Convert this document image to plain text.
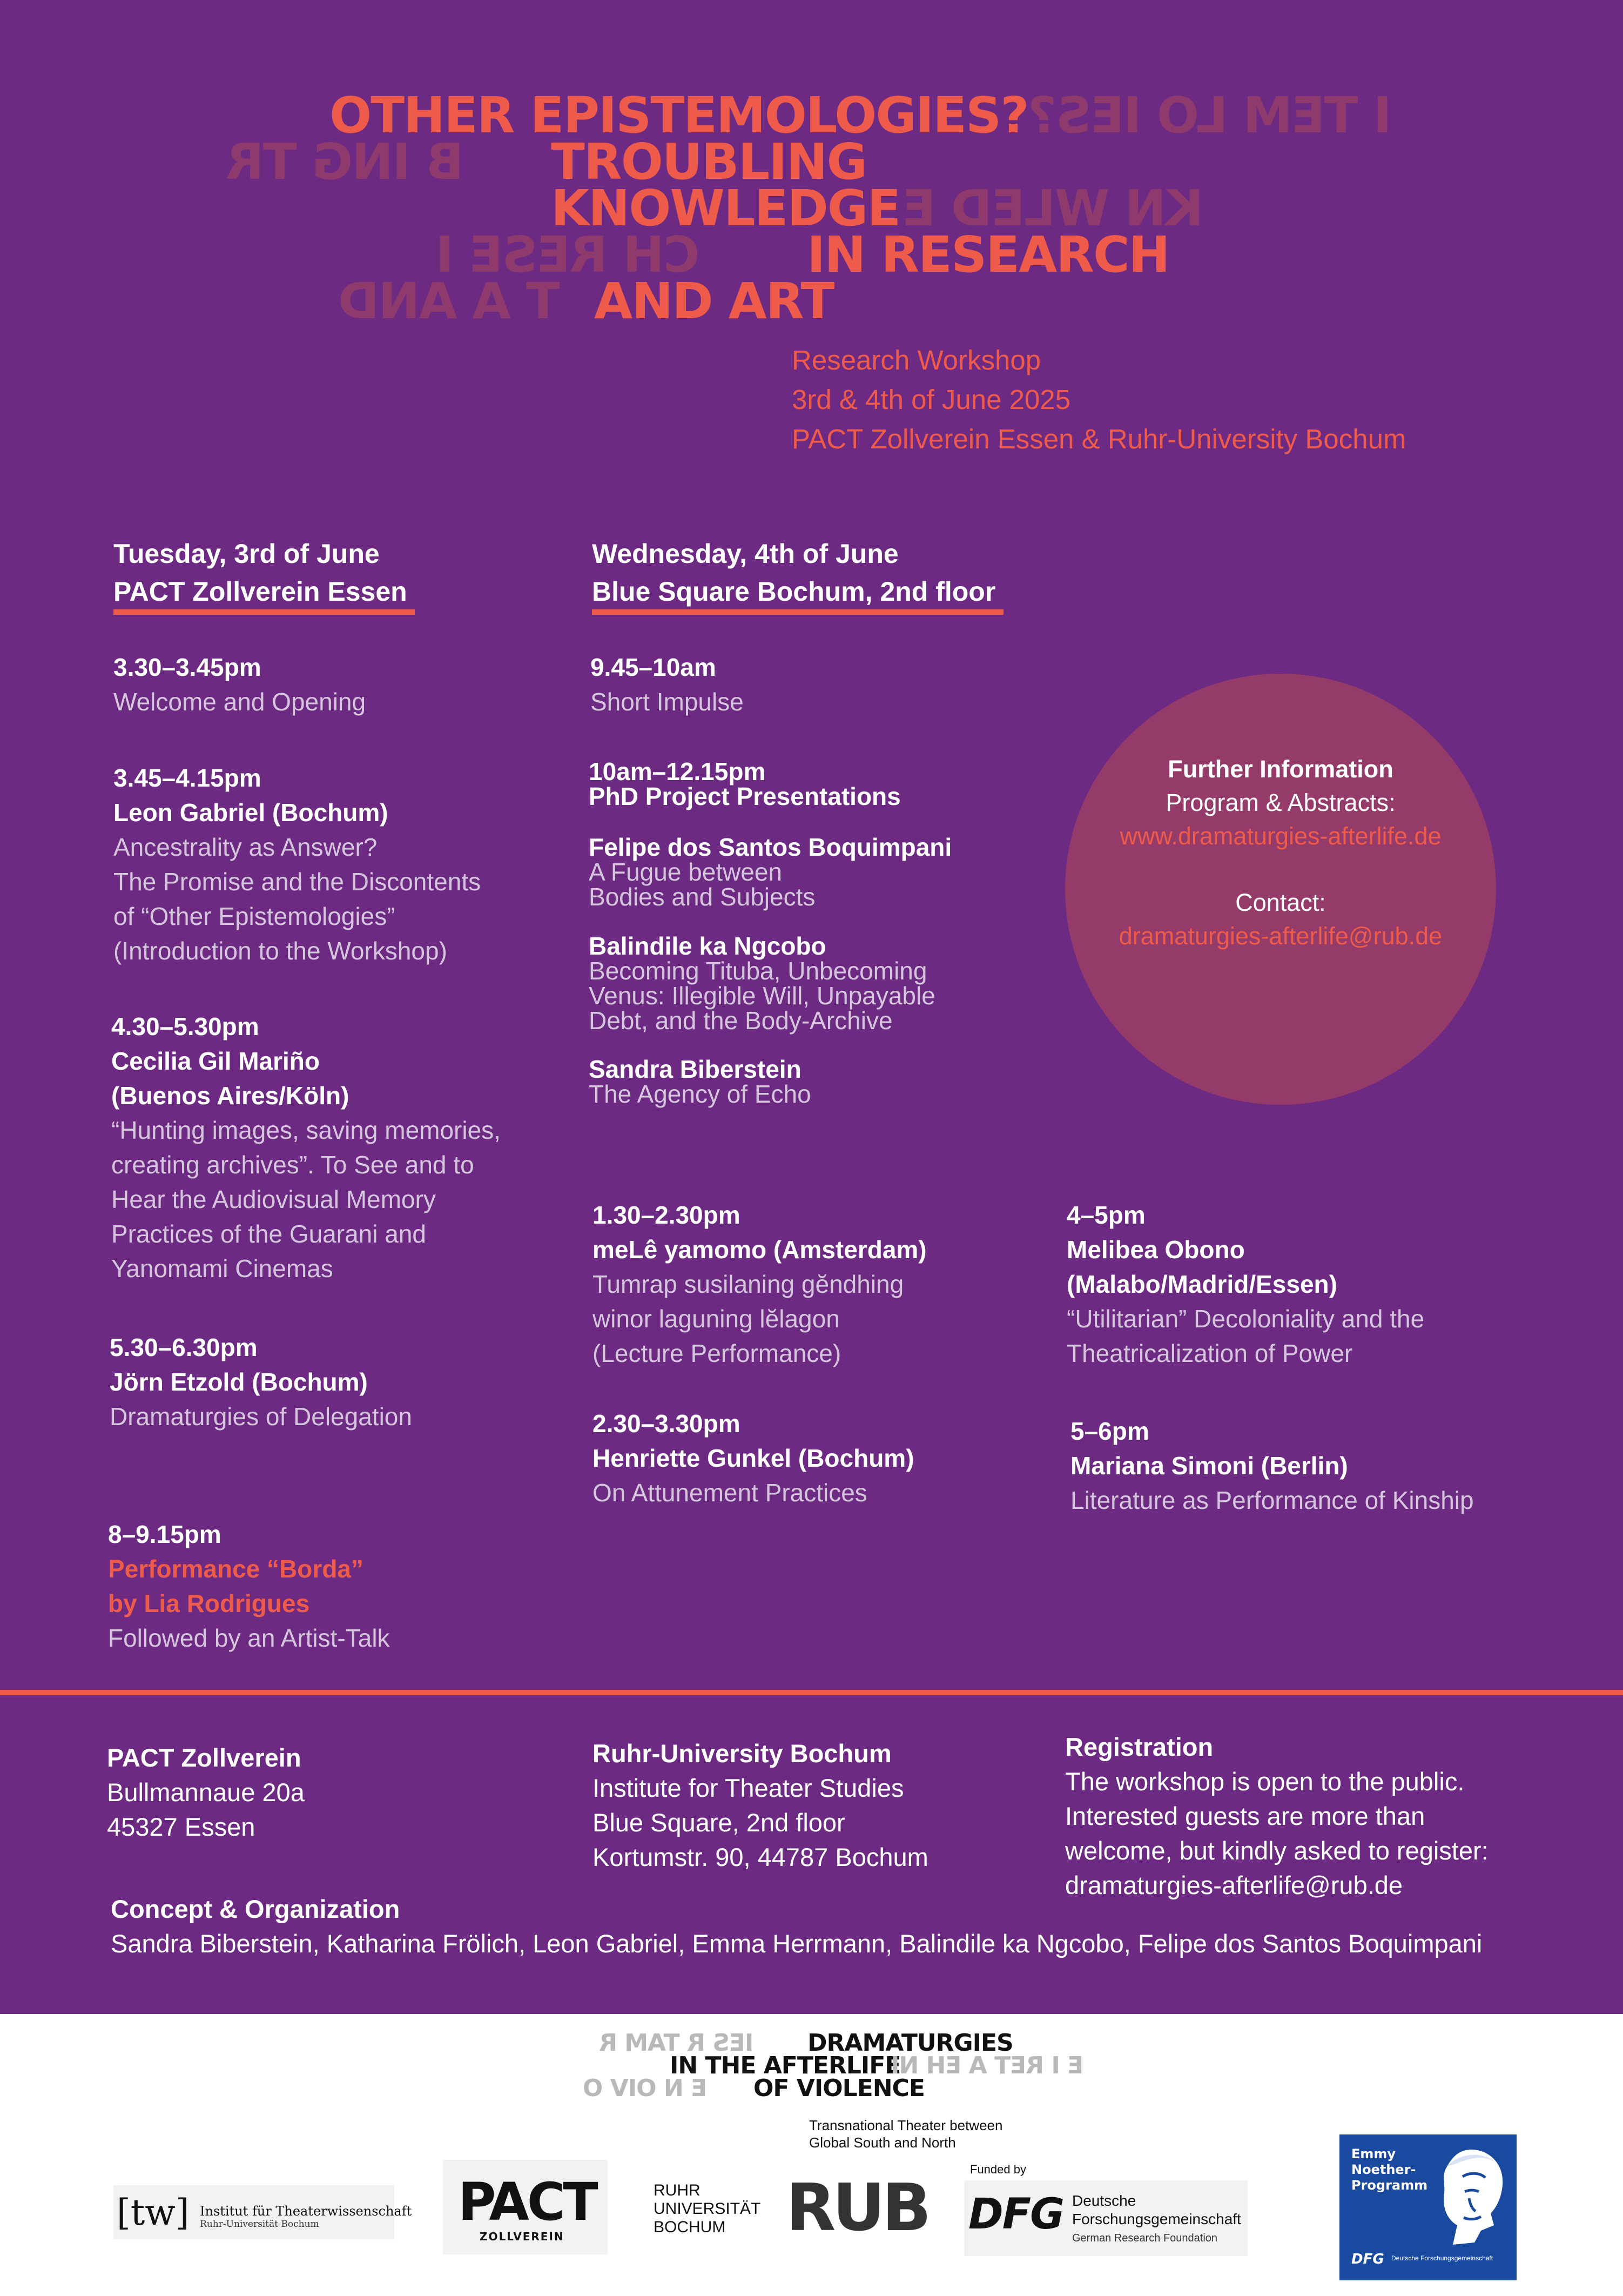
OTHER EPISTEMOLOGIES? I TEM LO IES?
B ING TR TROUBLING
KNOWLEDGE KN WLED E
CH RESE I IN RESEARCH
T A AND AND ART
Research Workshop
3rd & 4th of June 2025
PACT Zollverein Essen & Ruhr-University Bochum
Tuesday, 3rd of June
PACT Zollverein Essen
Wednesday, 4th of June
Blue Square Bochum, 2nd floor
3.30–3.45pm
Welcome and Opening
3.45–4.15pm
Leon Gabriel (Bochum)
Ancestrality as Answer?
The Promise and the Discontents
of “Other Epistemologies”
(Introduction to the Workshop)
4.30–5.30pm
Cecilia Gil Mariño
(Buenos Aires/Köln)
“Hunting images, saving memories,
creating archives”. To See and to
Hear the Audiovisual Memory
Practices of the Guarani and
Yanomami Cinemas
5.30–6.30pm
Jörn Etzold (Bochum)
Dramaturgies of Delegation
8–9.15pm
Performance “Borda”
by Lia Rodrigues
Followed by an Artist-Talk
9.45–10am
Short Impulse
10am–12.15pm
PhD Project Presentations
Felipe dos Santos Boquimpani
A Fugue between
Bodies and Subjects
Balindile ka Ngcobo
Becoming Tituba, Unbecoming
Venus: Illegible Will, Unpayable
Debt, and the Body-Archive
Sandra Biberstein
The Agency of Echo
Further Information
Program & Abstracts:
www.dramaturgies-afterlife.de
Contact:
dramaturgies-afterlife@rub.de
1.30–2.30pm
meLê yamomo (Amsterdam)
Tumrap susilaning gĕndhing
winor laguning lĕlagon
(Lecture Performance)
2.30–3.30pm
Henriette Gunkel (Bochum)
On Attunement Practices
4–5pm
Melibea Obono
(Malabo/Madrid/Essen)
“Utilitarian” Decoloniality and the
Theatricalization of Power
5–6pm
Mariana Simoni (Berlin)
Literature as Performance of Kinship
PACT Zollverein
Bullmannaue 20a
45327 Essen
Ruhr-University Bochum
Institute for Theater Studies
Blue Square, 2nd floor
Kortumstr. 90, 44787 Bochum
Registration
The workshop is open to the public.
Interested guests are more than
welcome, but kindly asked to register:
dramaturgies-afterlife@rub.de
Concept & Organization
Sandra Biberstein, Katharina Frölich, Leon Gabriel, Emma Herrmann, Balindile ka Ngcobo, Felipe dos Santos Boquimpani
IES R TAM R DRAMATURGIES
IN THE AFTERLIFE
E I RET A EH NI
E N OIV O OF VIOLENCE
Transnational Theater between
Global South and North
[tw] Institut für Theaterwissenschaft
Ruhr-Universität Bochum	PACT
ZOLLVEREIN
RUHR
UNIVERSITÄT
BOCHUM RUB
Funded by
DFG Deutsche
Forschungsgemeinschaft
German Research Foundation
Emmy
Noether-
Programm
DFG Deutsche Forschungsgemeinschaft
